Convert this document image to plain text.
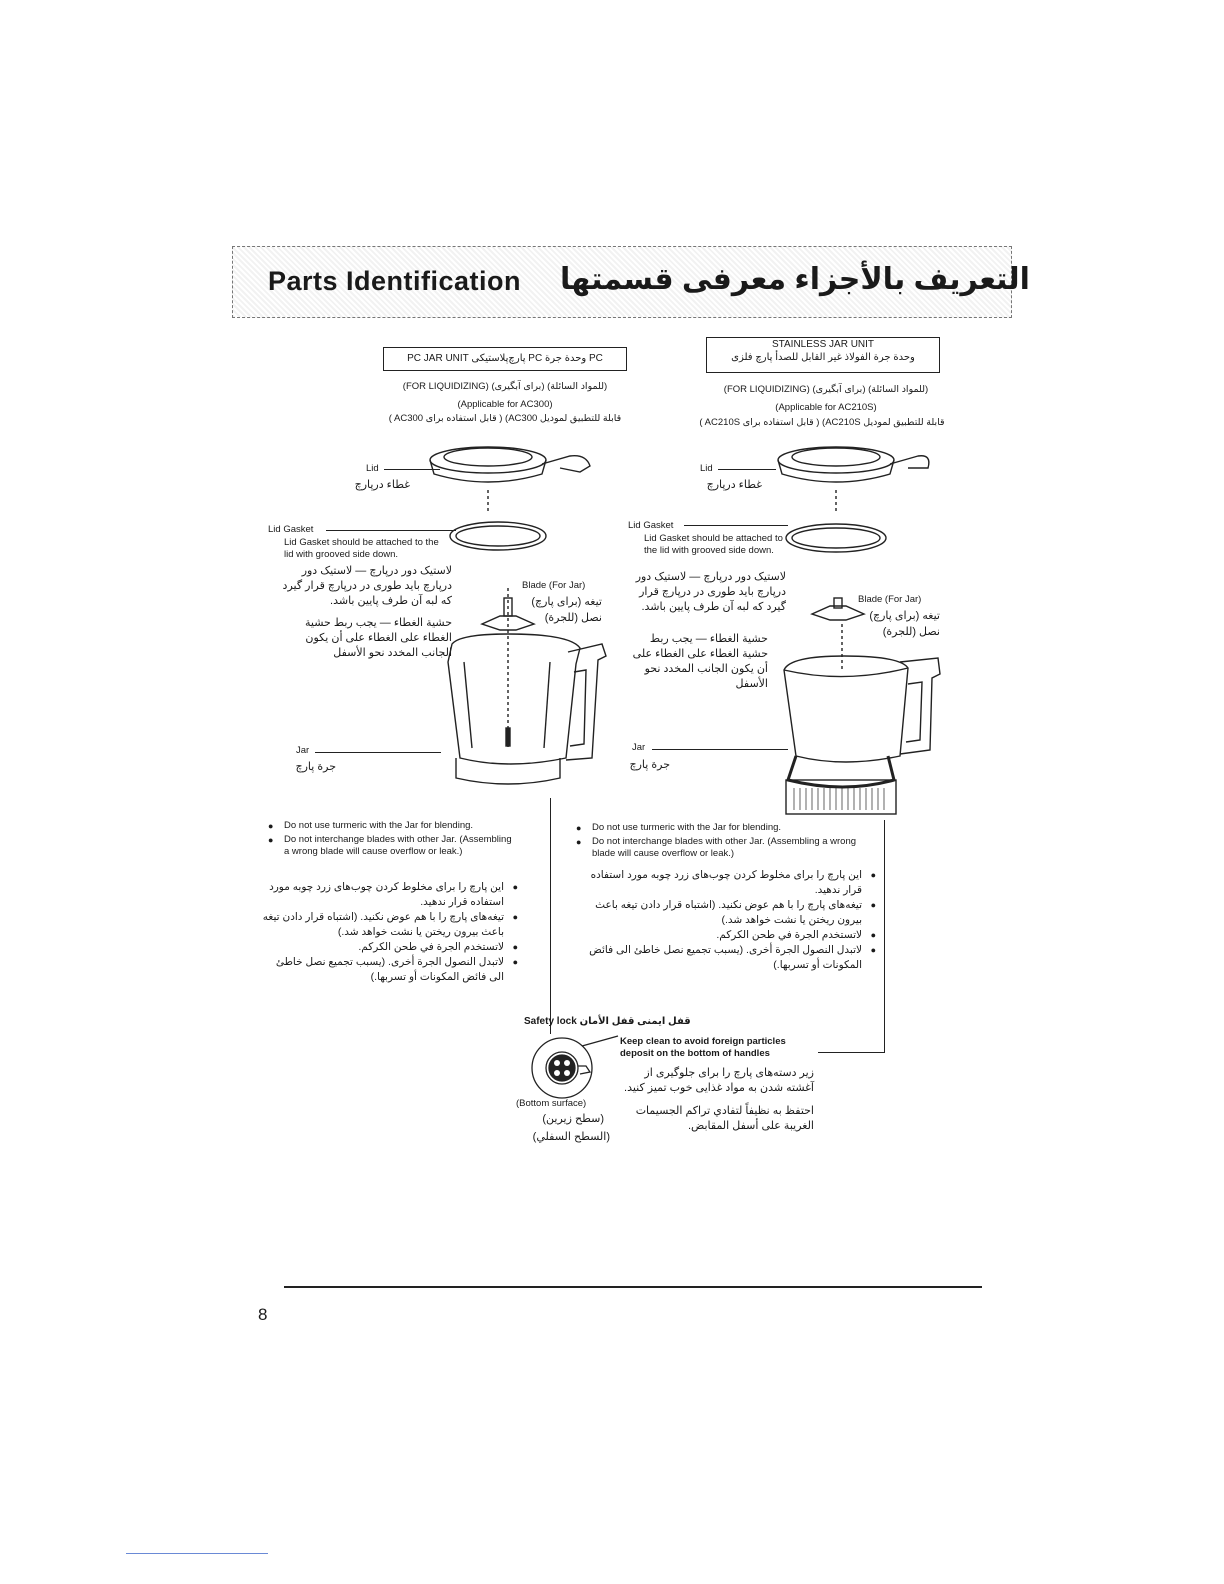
Parts Identification التعريف بالأجزاء معرفی قسمتها
PC JAR UNIT پارچ‌پلاستیکی PC وحدة جرة PC
(FOR LIQUIDIZING) (برای آبگیری) (للمواد السائلة)
(Applicable for AC300)
( AC300 قابل استفاده برای ) (AC300 قابلة للتطبيق لموديل
Lid
غطاء درپارچ
Lid Gasket
Lid Gasket should be attached to the lid with grooved side down.
لاستیک دور درپارچ — لاستیک دور درپارچ باید طوری در درپارچ قرار گیرد که لبه آن طرف پایین باشد.
حشية الغطاء — يجب ربط حشية الغطاء على الغطاء على أن يكون الجانب المخدد نحو الأسفل
Blade (For Jar)
تیغه (برای پارچ)
نصل (للجرة)
Jar
جرة پارچ
● Do not use turmeric with the Jar for blending.
● Do not interchange blades with other Jar. (Assembling a wrong blade will cause overflow or leak.)
● این پارچ را برای مخلوط کردن چوب‌های زرد چوبه مورد استفاده قرار ندهید.
● تیغه‌های پارچ را با هم عوض نکنید. (اشتباه قرار دادن تیغه باعث بیرون ریختن یا نشت خواهد شد.)
● لاتستخدم الجرة في طحن الكركم.
● لاتبدل النصول الجرة أخرى. (يسبب تجميع نصل خاطئ الى فائض المكونات أو تسربها.)
STAINLESS JAR UNIT
وحدة جرة الفولاذ غير القابل للصدأ پارچ فلزی
(FOR LIQUIDIZING) (برای آبگیری) (للمواد السائلة)
(Applicable for AC210S)
( AC210S قابل استفاده برای ) (AC210S قابلة للتطبيق لموديل
Lid
غطاء درپارچ
Lid Gasket
Lid Gasket should be attached to the lid with grooved side down.
لاستیک دور درپارچ — لاستیک دور درپارچ باید طوری در درپارچ قرار گیرد که لبه آن طرف پایین باشد.
حشية الغطاء — يجب ربط حشية الغطاء على الغطاء على أن يكون الجانب المخدد نحو الأسفل
Blade (For Jar)
تیغه (برای پارچ)
نصل (للجرة)
Jar
جرة پارچ
● Do not use turmeric with the Jar for blending.
● Do not interchange blades with other Jar. (Assembling a wrong blade will cause overflow or leak.)
● این پارچ را برای مخلوط کردن چوب‌های زرد چوبه مورد استفاده قرار ندهید.
● تیغه‌های پارچ را با هم عوض نکنید. (اشتباه قرار دادن تیغه باعث بیرون ریختن یا نشت خواهد شد.)
● لاتستخدم الجرة في طحن الكركم.
● لاتبدل النصول الجرة أخرى. (يسبب تجميع نصل خاطئ الى فائض المكونات أو تسربها.)
Safety lock قفل ایمنی قفل الأمان
(Bottom surface)
(سطح زیرین)
(السطح السفلي)
Keep clean to avoid foreign particles deposit on the bottom of handles
زیر دسته‌های پارچ را برای جلوگیری از آغشته شدن به مواد غذایی خوب تمیز کنید.
احتفظ به نظيفاً لتفادي تراكم الجسيمات الغريبة على أسفل المقابض.
8
